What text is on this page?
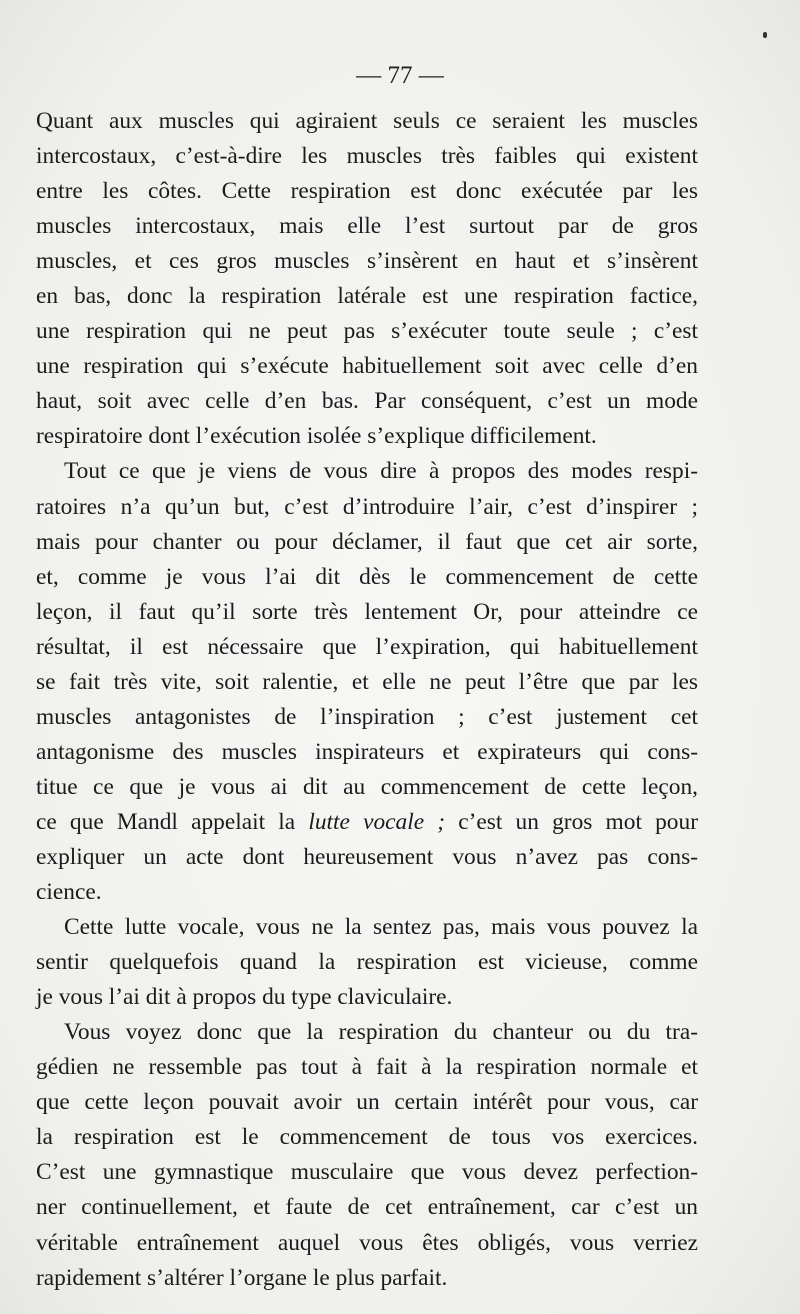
— 77 —

Quant aux muscles qui agiraient seuls ce seraient les muscles
intercostaux, c’est-à-dire les muscles très faibles qui existent
entre les côtes. Cette respiration est donc exécutée par les
muscles intercostaux, mais elle l’est surtout par de gros
muscles, et ces gros muscles s’insèrent en haut et s’insèrent
en bas, donc la respiration latérale est une respiration factice,
une respiration qui ne peut pas s’exécuter toute seule ; c’est
une respiration qui s’exécute habituellement soit avec celle d’en
haut, soit avec celle d’en bas. Par conséquent, c’est un mode
respiratoire dont l’exécution isolée s’explique difficilement.

Tout ce que je viens de vous dire à propos des modes respi-
ratoires n’a qu’un but, c’est d’introduire l’air, c’est d’inspirer ;
mais pour chanter ou pour déclamer, il faut que cet air sorte,
et, comme je vous l’ai dit dès le commencement de cette
leçon, il faut qu’il sorte très lentement Or, pour atteindre ce
résultat, il est nécessaire que l’expiration, qui habituellement
se fait très vite, soit ralentie, et elle ne peut l’être que par les
muscles antagonistes de l’inspiration ; c’est justement cet
antagonisme des muscles inspirateurs et expirateurs qui cons-
titue ce que je vous ai dit au commencement de cette leçon,
ce que Mandl appelait la lutte vocale ; c’est un gros mot pour
expliquer un acte dont heureusement vous n’avez pas cons-
cience.

Cette lutte vocale, vous ne la sentez pas, mais vous pouvez la
sentir quelquefois quand la respiration est vicieuse, comme
je vous l’ai dit à propos du type claviculaire.

Vous voyez donc que la respiration du chanteur ou du tra-
gédien ne ressemble pas tout à fait à la respiration normale et
que cette leçon pouvait avoir un certain intérêt pour vous, car
la respiration est le commencement de tous vos exercices.
C’est une gymnastique musculaire que vous devez perfection-
ner continuellement, et faute de cet entraînement, car c’est un
véritable entraînement auquel vous êtes obligés, vous verriez
rapidement s’altérer l’organe le plus parfait.
